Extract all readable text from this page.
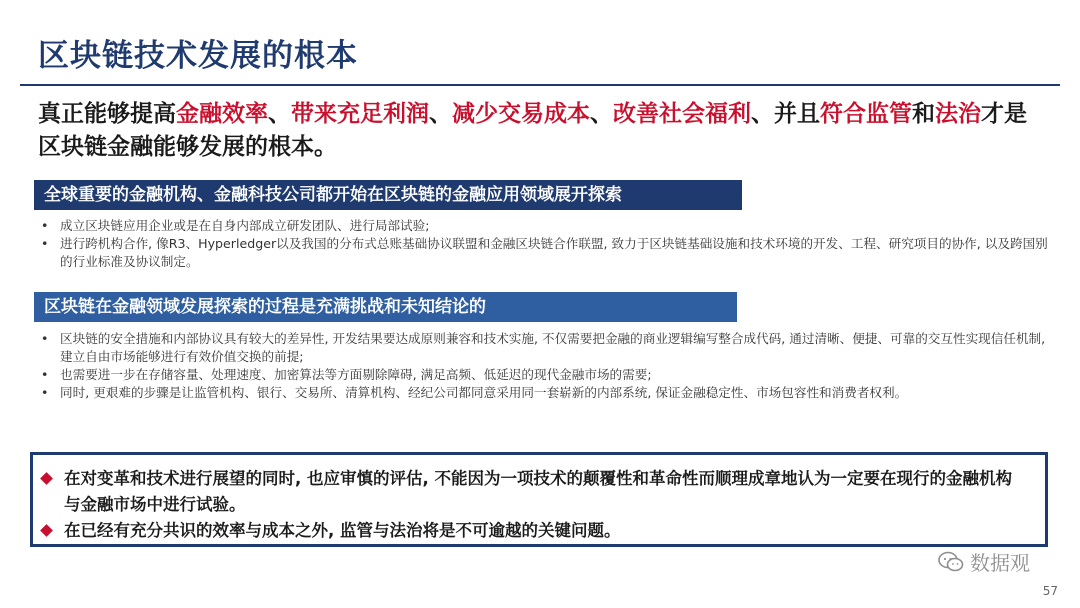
区块链技术发展的根本
真正能够提高金融效率、带来充足利润、减少交易成本、改善社会福利、并且符合监管和法治才是区块链金融能够发展的根本。
全球重要的金融机构、金融科技公司都开始在区块链的金融应用领域展开探索
• 成立区块链应用企业或是在自身内部成立研发团队、进行局部试验;
• 进行跨机构合作, 像R3、Hyperledger以及我国的分布式总账基础协议联盟和金融区块链合作联盟, 致力于区块链基础设施和技术环境的开发、工程、研究项目的协作, 以及跨国别的行业标准及协议制定。
区块链在金融领域发展探索的过程是充满挑战和未知结论的
• 区块链的安全措施和内部协议具有较大的差异性, 开发结果要达成原则兼容和技术实施, 不仅需要把金融的商业逻辑编写整合成代码, 通过清晰、便捷、可靠的交互性实现信任机制, 建立自由市场能够进行有效价值交换的前提;
• 也需要进一步在存储容量、处理速度、加密算法等方面剔除障碍, 满足高频、低延迟的现代金融市场的需要;
• 同时, 更艰难的步骤是让监管机构、银行、交易所、清算机构、经纪公司都同意采用同一套崭新的内部系统, 保证金融稳定性、市场包容性和消费者权利。
在对变革和技术进行展望的同时, 也应审慎的评估, 不能因为一项技术的颠覆性和革命性而顺理成章地认为一定要在现行的金融机构与金融市场中进行试验。
在已经有充分共识的效率与成本之外, 监管与法治将是不可逾越的关键问题。
数据观
57
